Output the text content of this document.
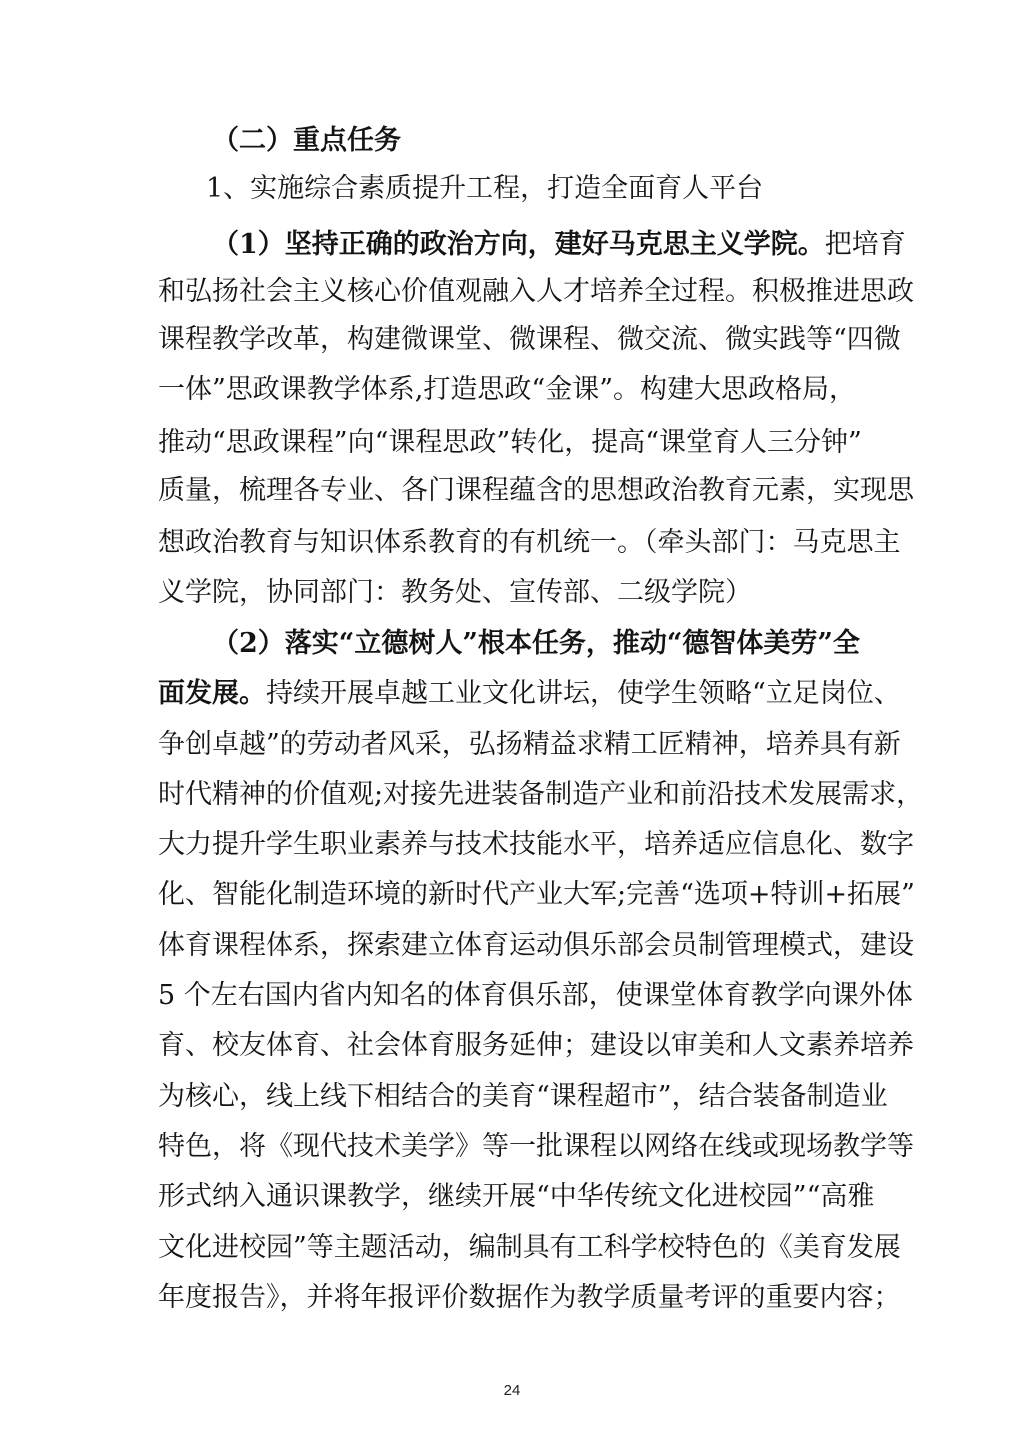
（二）重点任务
1、实施综合素质提升工程，打造全面育人平台
（1）坚持正确的政治方向，建好马克思主义学院。把培育
和弘扬社会主义核心价值观融入人才培养全过程。积极推进思政
课程教学改革，构建微课堂、微课程、微交流、微实践等“四微
一体”思政课教学体系,打造思政“金课”。构建大思政格局，
推动“思政课程”向“课程思政”转化，提高“课堂育人三分钟”
质量，梳理各专业、各门课程蕴含的思想政治教育元素，实现思
想政治教育与知识体系教育的有机统一。（牵头部门：马克思主
义学院，协同部门：教务处、宣传部、二级学院）
（2）落实“立德树人”根本任务，推动“德智体美劳”全
面发展。持续开展卓越工业文化讲坛，使学生领略“立足岗位、
争创卓越”的劳动者风采，弘扬精益求精工匠精神，培养具有新
时代精神的价值观;对接先进装备制造产业和前沿技术发展需求，
大力提升学生职业素养与技术技能水平，培养适应信息化、数字
化、智能化制造环境的新时代产业大军;完善“选项+特训+拓展”
体育课程体系，探索建立体育运动俱乐部会员制管理模式，建设
5 个左右国内省内知名的体育俱乐部，使课堂体育教学向课外体
育、校友体育、社会体育服务延伸；建设以审美和人文素养培养
为核心，线上线下相结合的美育“课程超市”，结合装备制造业
特色，将《现代技术美学》等一批课程以网络在线或现场教学等
形式纳入通识课教学，继续开展“中华传统文化进校园”“高雅
文化进校园”等主题活动，编制具有工科学校特色的《美育发展
年度报告》，并将年报评价数据作为教学质量考评的重要内容；
24
